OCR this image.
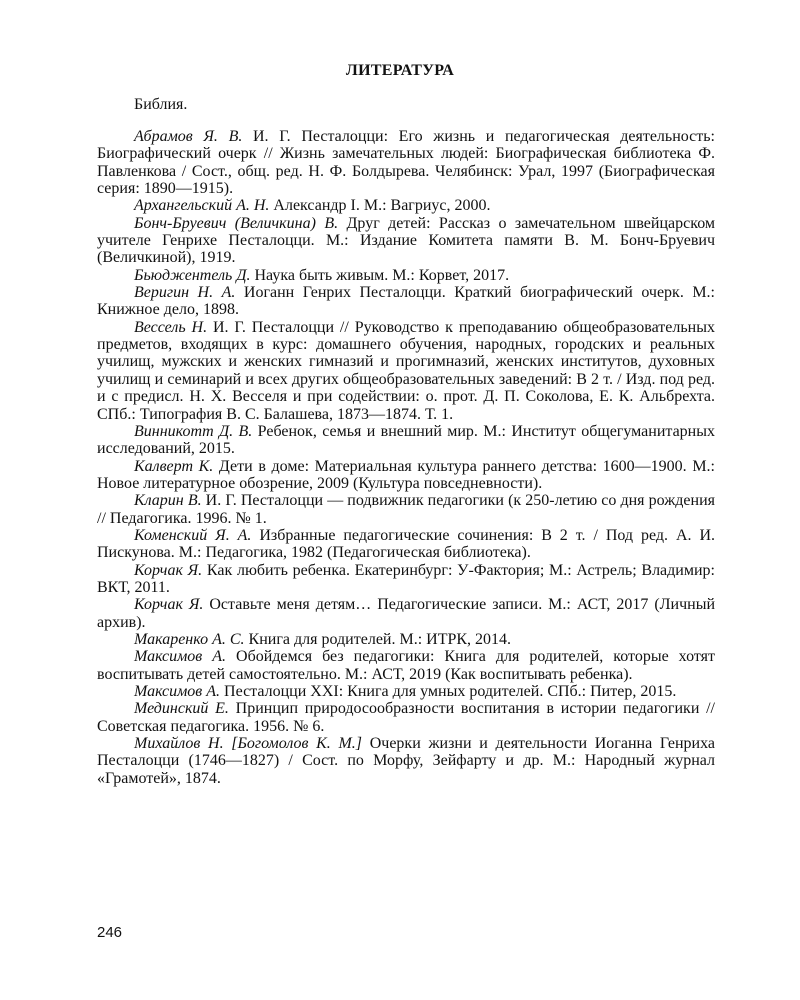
ЛИТЕРАТУРА
Библия.

Абрамов Я. В. И. Г. Песталоцци: Его жизнь и педагогическая деятельность: Биографический очерк // Жизнь замечательных людей: Биографическая библиотека Ф. Павленкова / Сост., общ. ред. Н. Ф. Болдырева. Челябинск: Урал, 1997 (Биографическая серия: 1890—1915).

Архангельский А. Н. Александр I. М.: Вагриус, 2000.

Бонч-Бруевич (Величкина) В. Друг детей: Рассказ о замечательном швейцарском учителе Генрихе Песталоцци. М.: Издание Комитета памяти В. М. Бонч-Бруевич (Величкиной), 1919.

Бьюджентель Д. Наука быть живым. М.: Корвет, 2017.

Веригин Н. А. Иоганн Генрих Песталоцци. Краткий биографический очерк. М.: Книжное дело, 1898.

Вессель Н. И. Г. Песталоцци // Руководство к преподаванию общеобразовательных предметов, входящих в курс: домашнего обучения, народных, городских и реальных училищ, мужских и женских гимназий и прогимназий, женских институтов, духовных училищ и семинарий и всех других общеобразовательных заведений: В 2 т. / Изд. под ред. и с предисл. Н. Х. Весселя и при содействии: о. прот. Д. П. Соколова, Е. К. Альбрехта. СПб.: Типография В. С. Балашева, 1873—1874. Т. 1.

Винникотт Д. В. Ребенок, семья и внешний мир. М.: Институт общегуманитарных исследований, 2015.

Калверт К. Дети в доме: Материальная культура раннего детства: 1600—1900. М.: Новое литературное обозрение, 2009 (Культура повседневности).

Кларин В. И. Г. Песталоцци — подвижник педагогики (к 250-летию со дня рождения // Педагогика. 1996. № 1.

Коменский Я. А. Избранные педагогические сочинения: В 2 т. / Под ред. А. И. Пискунова. М.: Педагогика, 1982 (Педагогическая библиотека).

Корчак Я. Как любить ребенка. Екатеринбург: У-Фактория; М.: Астрель; Владимир: ВКТ, 2011.

Корчак Я. Оставьте меня детям… Педагогические записи. М.: АСТ, 2017 (Личный архив).

Макаренко А. С. Книга для родителей. М.: ИТРК, 2014.

Максимов А. Обойдемся без педагогики: Книга для родителей, которые хотят воспитывать детей самостоятельно. М.: АСТ, 2019 (Как воспитывать ребенка).

Максимов А. Песталоцци XXI: Книга для умных родителей. СПб.: Питер, 2015.

Мединский Е. Принцип природосообразности воспитания в истории педагогики // Советская педагогика. 1956. № 6.

Михайлов Н. [Богомолов К. М.] Очерки жизни и деятельности Иоганна Генриха Песталоцци (1746—1827) / Сост. по Морфу, Зейфарту и др. М.: Народный журнал «Грамотей», 1874.

246
